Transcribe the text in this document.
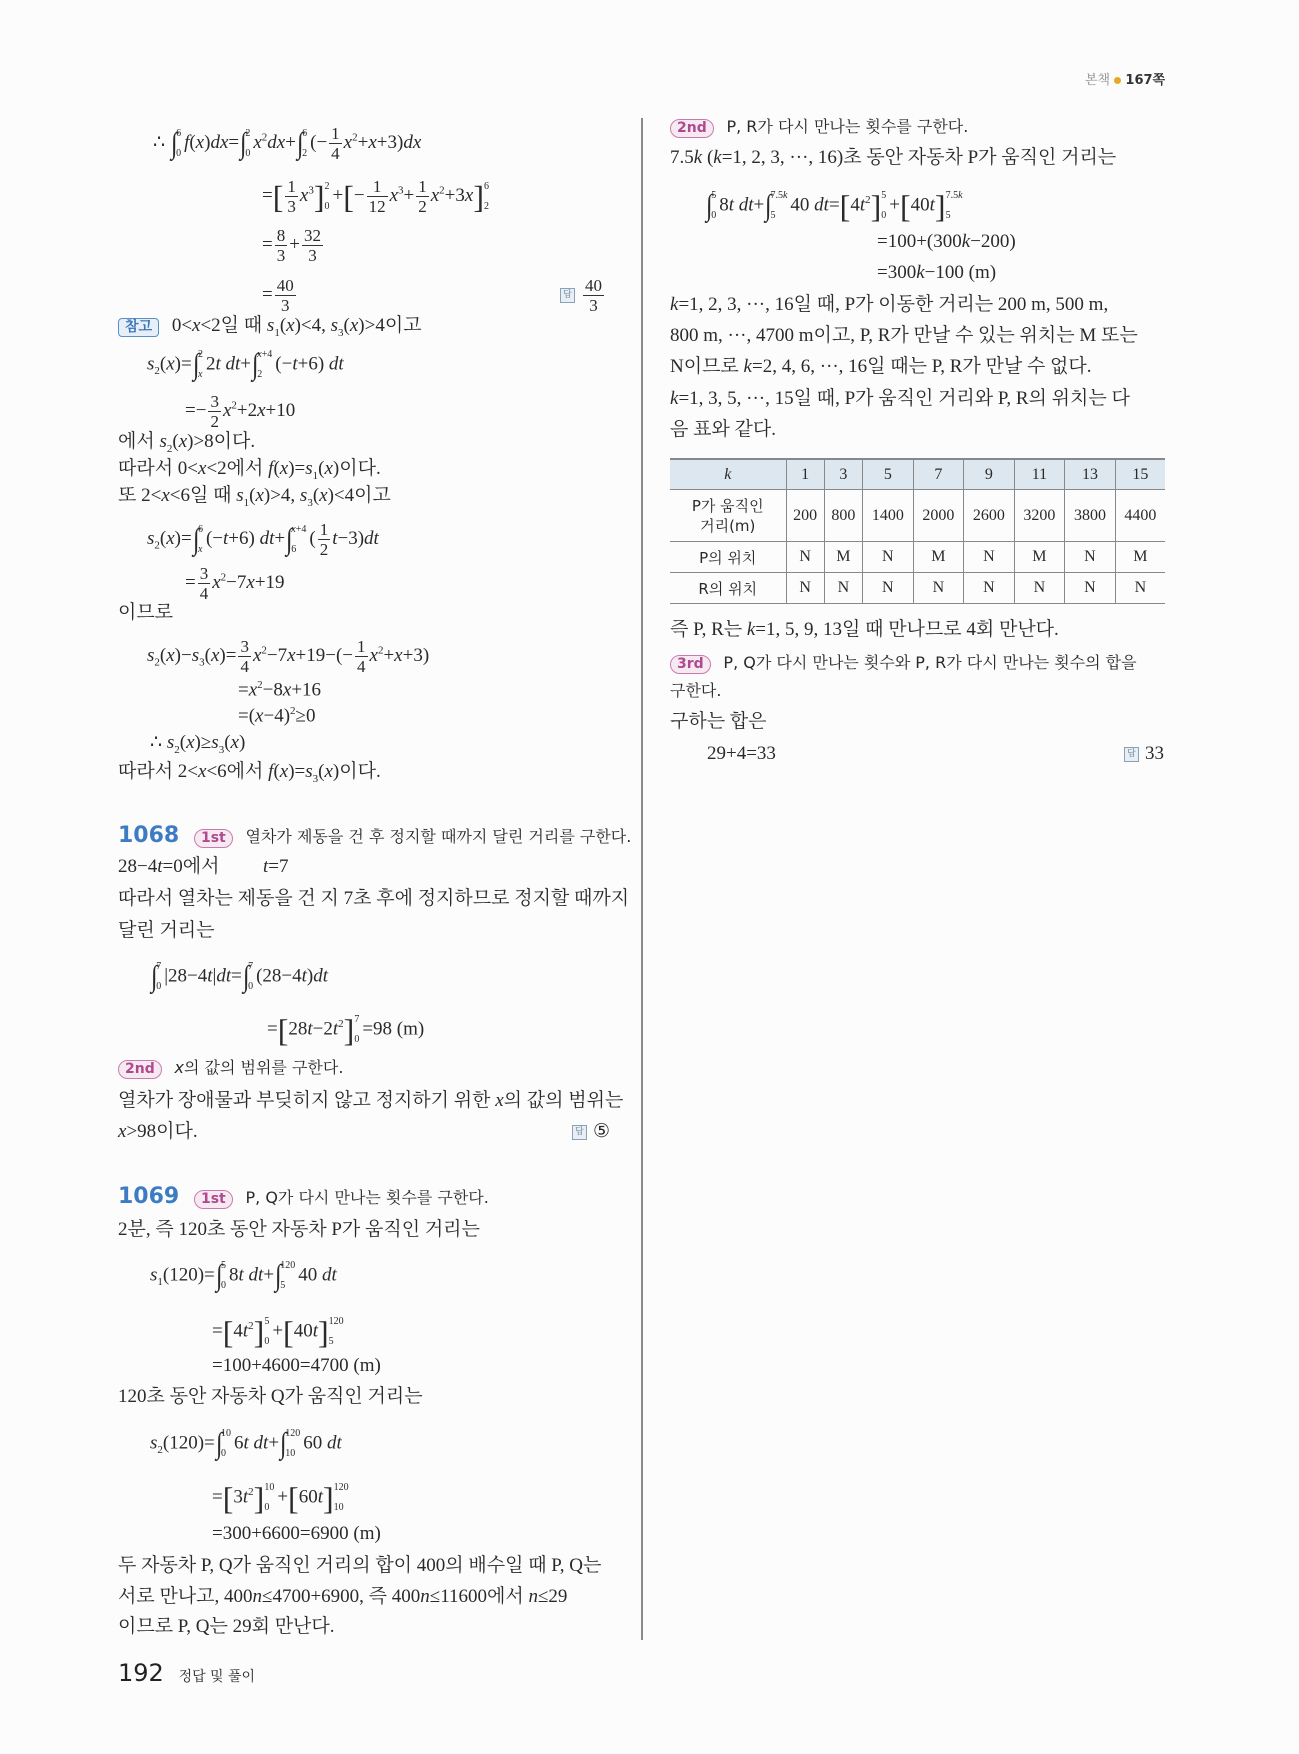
본책 167쪽
∴ ∫
6
0
f(x)dx=∫
2
0
$x^2dx+\int$
6
2
(− $\frac{1}{4} x^2+x+3)dx$
=[ $\frac{1}{3} x^3$] 2
0
+[− $\frac{1}{12} x^3+ \frac{1}{2} x^2+3x$] 6
2
= $\frac{8}{3} + \frac{32}{3}$
= $\frac{40}{3}$	답 $\frac{40}{3}$
참고 0<x<2일 때 $s_1(x)<4$, $s_3(x)>4$이고
$s_2(x)=\int$
2
x
2t dt+∫
x+4
2
(−t+6) dt
=− $\frac{3}{2} x^2+2x+10$
에서 $s_2(x)>8$이다.
따라서 0<x<2에서 $f(x)=s_1(x)$이다.
또 2<x<6일 때 $s_1(x)>4$, $s_3(x)<4$이고
$s_2(x)=\int$
6
x
(−t+6) dt+∫
x+4
6
( $\frac{1}{2} t-3)dt$
= $\frac{3}{4} x^2-7x+19$
이므로
$s_2(x)-s_3(x)= \frac{3}{4} x^2-7x+19-(- \frac{1}{4} x^2+x+3)$
$=x^2-8x+16$
$=(x-4)^2\ge 0$
∴ $s_2(x)\ge s_3(x)$
따라서 2<x<6에서 $f(x)=s_3(x)$이다.
1068 1st 열차가 제동을 건 후 정지할 때까지 달린 거리를 구한다.
28−4t=0에서 t=7
따라서 열차는 제동을 건 지 7초 후에 정지하므로 정지할 때까지
달린 거리는
∫
7
0
|28−4t|dt=∫
7
0
(28−4t)dt
$=[28t-2t^2]$ 7
0
=98 (m)
2nd x의 값의 범위를 구한다.
열차가 장애물과 부딪히지 않고 정지하기 위한 x의 값의 범위는
x>98이다.	답 ⑤
1069 1st P, Q가 다시 만나는 횟수를 구한다.
2분, 즉 120초 동안 자동차 P가 움직인 거리는
$s_1(120)=\int$
5
0
8t dt+∫
120
5
40 dt
$=[4t^2]$ 5
0
+[40t] 120
5
=100+4600=4700 (m)
120초 동안 자동차 Q가 움직인 거리는
$s_2(120)=\int$
10
0
6t dt+∫
120
10
60 dt
$=[3t^2]$ 10
0
+[60t] 120
10
=300+6600=6900 (m)
두 자동차 P, Q가 움직인 거리의 합이 400의 배수일 때 P, Q는
서로 만나고, 400n≤4700+6900, 즉 400n≤11600에서 n≤29
이므로 P, Q는 29회 만난다.
192 정답 및 풀이
2nd P, R가 다시 만나는 횟수를 구한다.
7.5k (k=1, 2, 3, ···, 16)초 동안 자동차 P가 움직인 거리는
∫
5
0
8t dt+∫
7.5k
5
40 $dt=[4t^2]$ 5
0
+[40t] 7.5k
5
=100+(300k−200)
=300k−100 (m)
k=1, 2, 3, ···, 16일 때, P가 이동한 거리는 200 m, 500 m,
800 m, ···, 4700 m이고, P, R가 만날 수 있는 위치는 M 또는
N이므로 k=2, 4, 6, ···, 16일 때는 P, R가 만날 수 없다.
k=1, 3, 5, ···, 15일 때, P가 움직인 거리와 P, R의 위치는 다
음 표와 같다.
k	1	3	5	7	9	11	13	15
P가 움직인
거리(m)	200	800	1400	2000	2600	3200	3800	4400
P의 위치	N	M	N	M	N	M	N	M
R의 위치	N	N	N	N	N	N	N	N
즉 P, R는 k=1, 5, 9, 13일 때 만나므로 4회 만난다.
3rd P, Q가 다시 만나는 횟수와 P, R가 다시 만나는 횟수의 합을
구한다.
구하는 합은
29+4=33	답 33
